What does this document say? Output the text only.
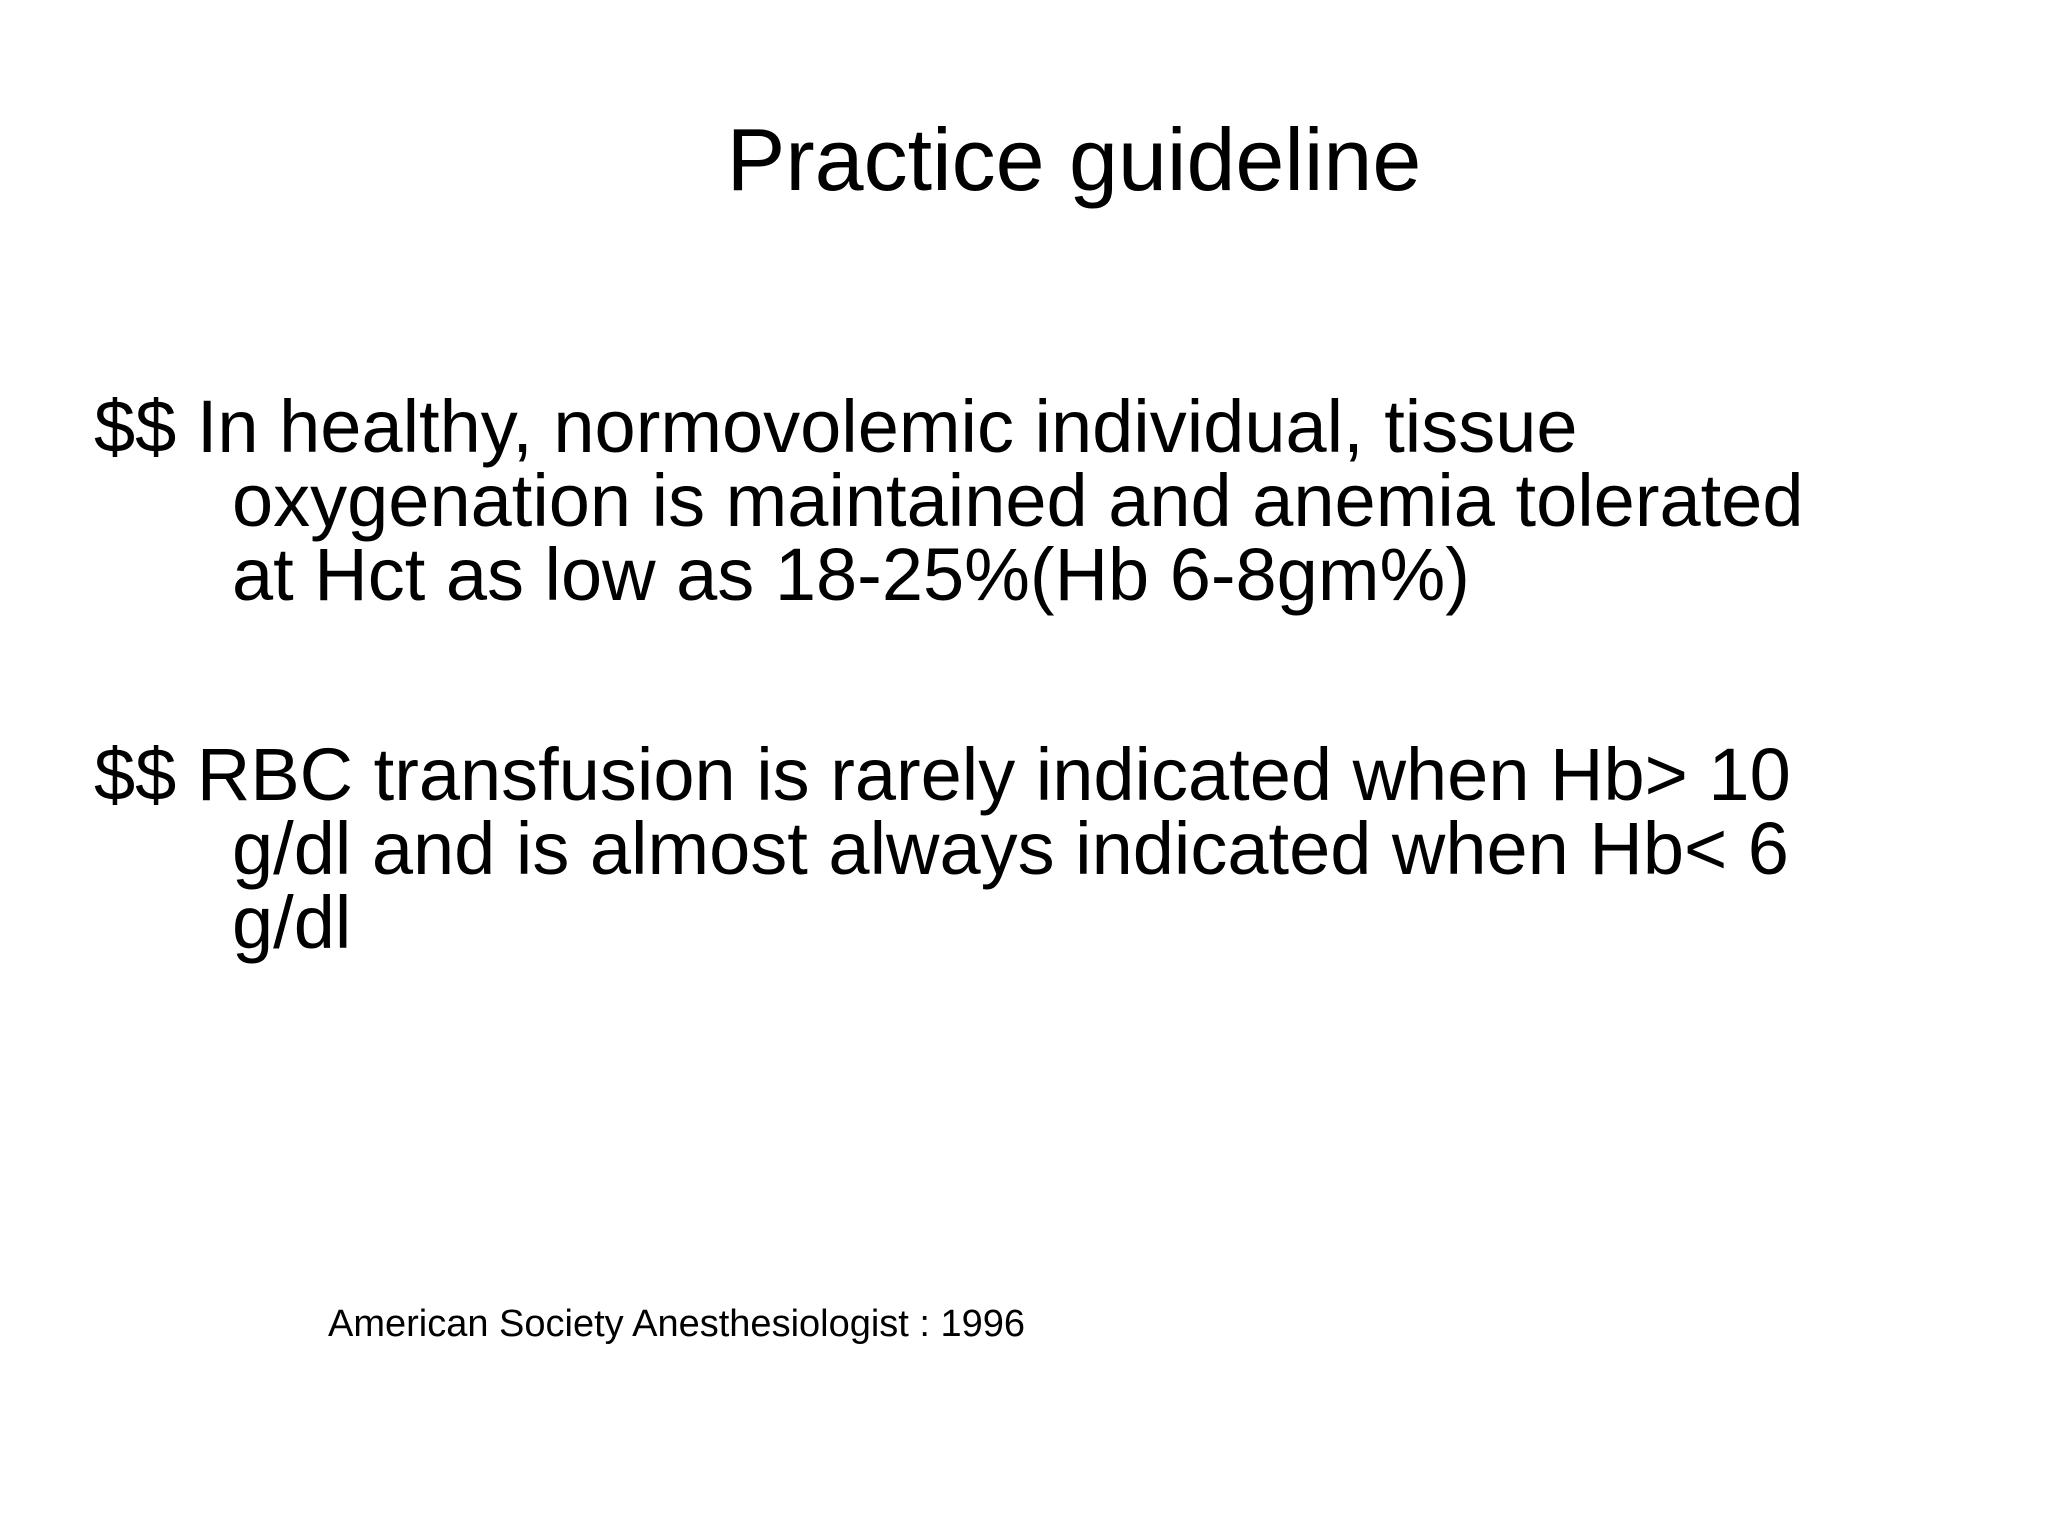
Practice guideline
$$ In healthy, normovolemic individual, tissue
oxygenation is maintained and anemia tolerated
at Hct as low as 18-25%(Hb 6-8gm%)
$$ RBC transfusion is rarely indicated when Hb> 10
g/dl and is almost always indicated when Hb< 6
g/dl
American Society Anesthesiologist : 1996
